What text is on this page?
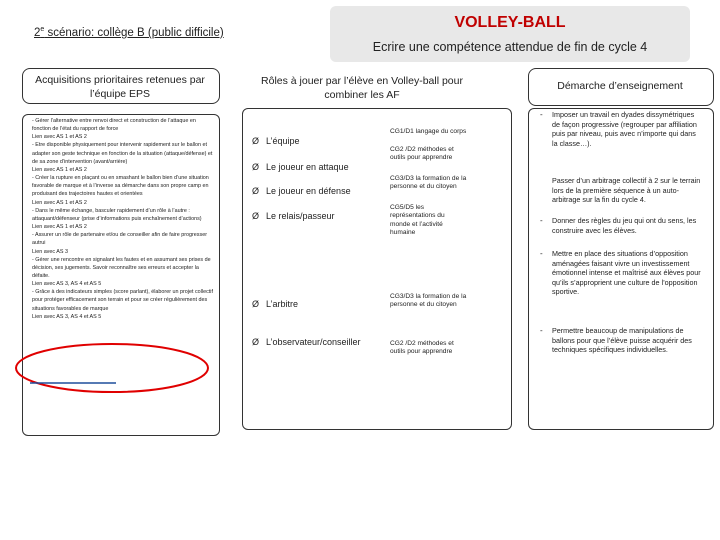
2e scénario: collège B (public difficile)
VOLLEY-BALL
Ecrire une compétence attendue de fin de cycle 4
Acquisitions prioritaires retenues par l’équipe EPS
Rôles à jouer par l’élève en Volley-ball pour combiner les AF
Démarche d’enseignement
- Gérer l’alternative entre renvoi direct et construction de l’attaque en fonction de l’état du rapport de force
Lien avec AS 1 et AS 2
- Etre disponible physiquement pour intervenir rapidement sur le ballon et adapter son geste technique en fonction de la situation (attaque/défense) et de sa zone d’intervention (avant/arrière)
Lien avec AS 1 et AS 2
- Créer la rupture en plaçant ou en smashant le ballon bien d’une situation favorable de marque et à l’inverse sa démarche dans son propre camp en produisant des trajectoires hautes et orientées
Lien avec AS 1 et AS 2
- Dans le même échange, basculer rapidement d’un rôle à l’autre : attaquant/défenseur (prise d’informations puis enchaînement d’actions)
Lien avec AS 1 et AS 2
- Assurer un rôle de partenaire et/ou de conseiller afin de faire progresser autrui
Lien avec AS 3
- Gérer une rencontre en signalant les fautes et en assumant ses prises de décision, ses jugements. Savoir reconnaître ses erreurs et accepter la défaite.
Lien avec AS 3, AS 4 et AS 5
- Grâce à des indicateurs simples (score parlant), élaborer un projet collectif pour protéger efficacement son terrain et pour se créer régulièrement des situations favorables de marque
Lien avec AS 3, AS 4 et AS 5
Ø L’équipe
Ø Le joueur en attaque
Ø Le joueur en défense
Ø Le relais/passeur
Ø L’arbitre
Ø L’observateur/conseiller
CG1/D1 langage du corps
CG2 /D2 méthodes et outils pour apprendre
CG3/D3 la formation de la personne et du citoyen
CG5/D5 les représentations du monde et l’activité humaine
CG3/D3 la formation de la personne et du citoyen
CG2 /D2 méthodes et outils pour apprendre
- Imposer un travail en dyades dissymétriques de façon progressive (regrouper par affiliation puis par niveau, puis avec n’importe qui dans la classe…).
Passer d’un arbitrage collectif à 2 sur le terrain lors de la première séquence à un auto-arbitrage sur la fin du cycle 4.
- Donner des règles du jeu qui ont du sens, les construire avec les élèves.
- Mettre en place des situations d’opposition aménagées faisant vivre un investissement émotionnel intense et maîtrisé aux élèves pour qu’ils s’approprient une culture de l’opposition sportive.
- Permettre beaucoup de manipulations de ballons pour que l’élève puisse acquérir des techniques spécifiques individuelles.
